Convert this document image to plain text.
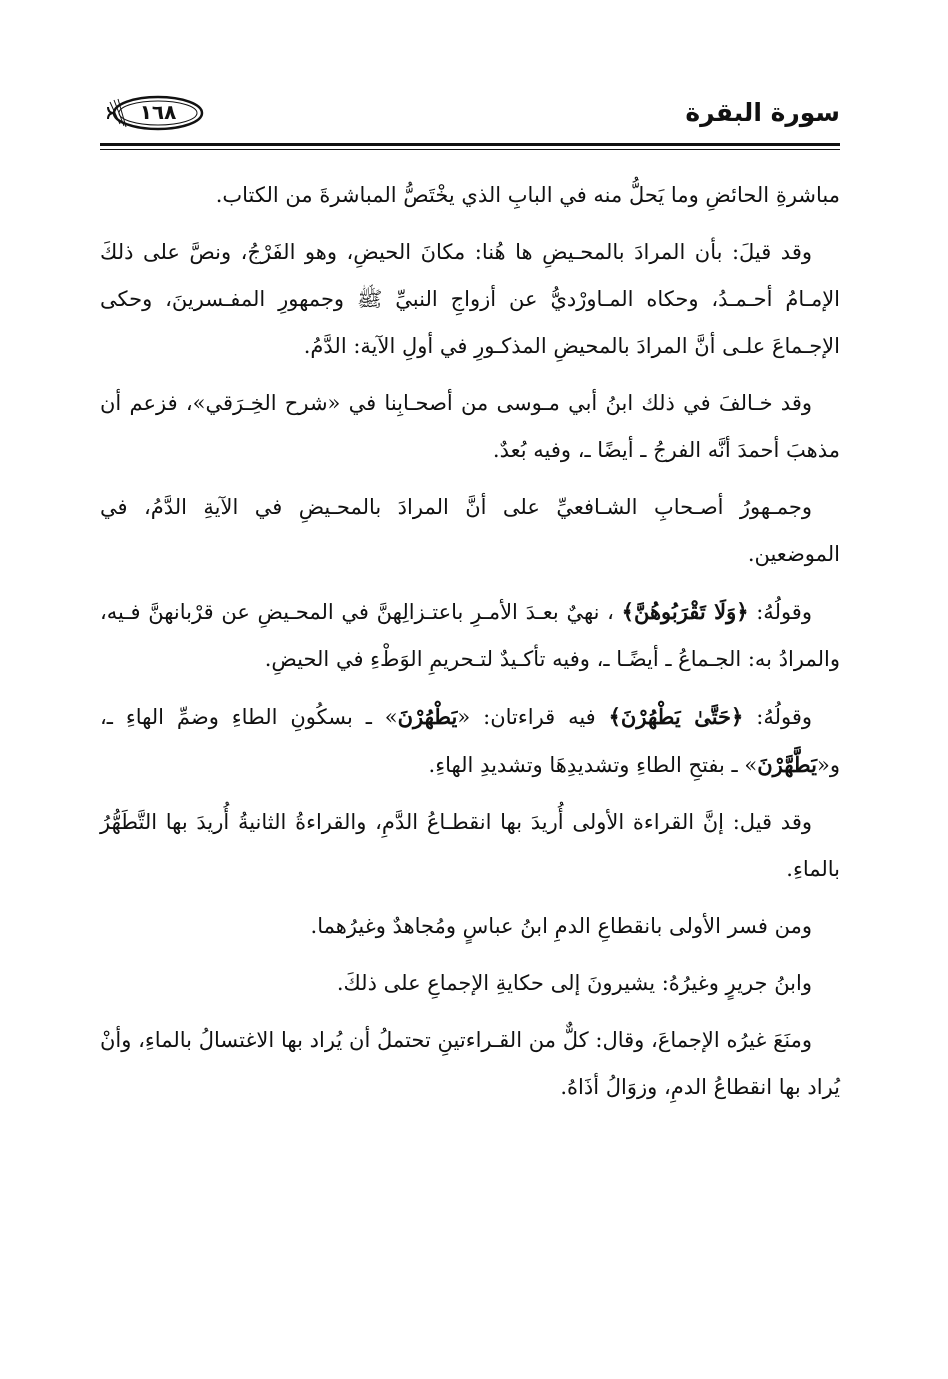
١٦٨	سورة البقرة

مباشرةِ الحائضِ وما يَحلُّ منه في البابِ الذي يخْتَصُّ المباشرةَ من الكتاب.

وقد قيلَ: بأن المرادَ بالمحـيضِ ها هُنا: مكانَ الحيضِ، وهو الفَرْجُ، ونصَّ على ذلكَ الإمـامُ أحـمـدُ، وحكاه المـاورْديُّ عن أزواجِ النبيِّ ﷺ وجمهورِ المفـسرينَ، وحكى الإجـماعَ علـى أنَّ المرادَ بالمحيضِ المذكـورِ في أولِ الآية: الدَّمُ.

وقد خـالفَ في ذلك ابنُ أبي مـوسى من أصحـابِنا في «شرح الخِـرَقي»، فزعم أن مذهبَ أحمدَ أنَّه الفرجُ ـ أيضًا ـ، وفيه بُعدٌ.

وجمـهورُ أصـحابِ الشـافعيِّ على أنَّ المرادَ بالمحـيضِ في الآيةِ الدَّمُ، في الموضعين.

وقولُهُ: ﴿وَلَا تَقْرَبُوهُنَّ﴾ ، نهيٌ بعـدَ الأمـرِ باعتـزالِهنَّ في المحـيضِ عن قرْبانهنَّ فـيه، والمرادُ به: الجـماعُ ـ أيضًـا ـ، وفيه تأكـيدٌ لتـحريمِ الوَطْءِ في الحيضِ.

وقولُهُ: ﴿حَتَّىٰ يَطْهُرْنَ﴾ فيه قراءتان: «يَطْهُرْنَ» ـ بسكُونِ الطاءِ وضمِّ الهاءِ ـ، و«يَطَّهَّرْنَ» ـ بفتحِ الطاءِ وتشديدِهَا وتشديدِ الهاءِ.

وقد قيل: إنَّ القراءة الأولى أُريدَ بها انقطـاعُ الدَّمِ، والقراءةُ الثانيةُ أُريدَ بها التَّطَهُّرُ بالماءِ.

ومن فسر الأولى بانقطاعِ الدمِ ابنُ عباسٍ ومُجاهدٌ وغيرُهما.

وابنُ جريرٍ وغيرُهُ: يشيرونَ إلى حكايةِ الإجماعِ على ذلكَ.

ومنَعَ غيرُه الإجماعَ، وقال: كلٌّ من القـراءتينِ تحتملُ أن يُراد بها الاغتسالُ بالماءِ، وأنْ يُراد بها انقطاعُ الدمِ، وزوَالُ أذَاهُ.
